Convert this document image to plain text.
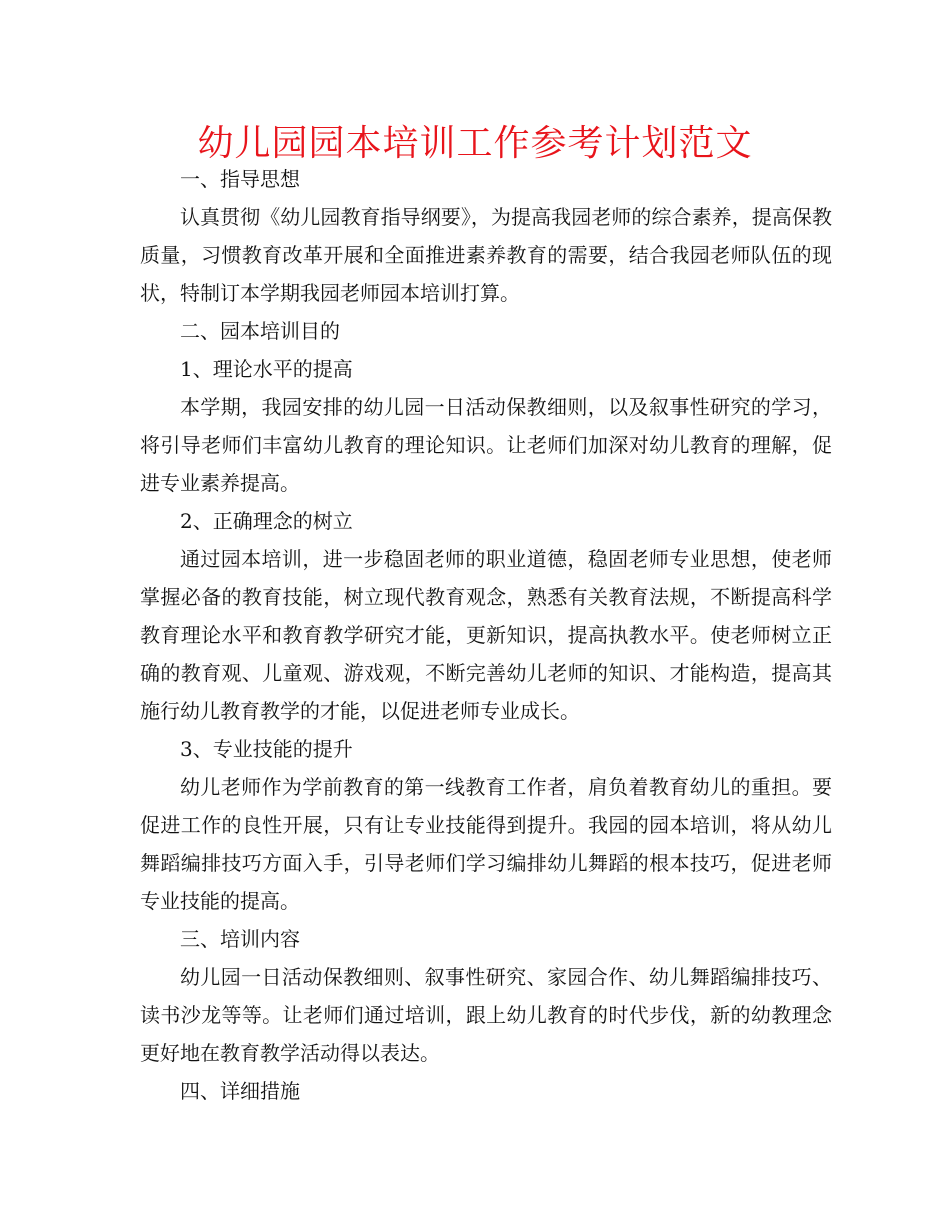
幼儿园园本培训工作参考计划范文

一、指导思想

认真贯彻《幼儿园教育指导纲要》，为提高我园老师的综合素养，提高保教质量，习惯教育改革开展和全面推进素养教育的需要，结合我园老师队伍的现状，特制订本学期我园老师园本培训打算。

二、园本培训目的

1、理论水平的提高

本学期，我园安排的幼儿园一日活动保教细则，以及叙事性研究的学习，将引导老师们丰富幼儿教育的理论知识。让老师们加深对幼儿教育的理解，促进专业素养提高。

2、正确理念的树立

通过园本培训，进一步稳固老师的职业道德，稳固老师专业思想，使老师掌握必备的教育技能，树立现代教育观念，熟悉有关教育法规，不断提高科学教育理论水平和教育教学研究才能，更新知识，提高执教水平。使老师树立正确的教育观、儿童观、游戏观，不断完善幼儿老师的知识、才能构造，提高其施行幼儿教育教学的才能，以促进老师专业成长。

3、专业技能的提升

幼儿老师作为学前教育的第一线教育工作者，肩负着教育幼儿的重担。要促进工作的良性开展，只有让专业技能得到提升。我园的园本培训，将从幼儿舞蹈编排技巧方面入手，引导老师们学习编排幼儿舞蹈的根本技巧，促进老师专业技能的提高。

三、培训内容

幼儿园一日活动保教细则、叙事性研究、家园合作、幼儿舞蹈编排技巧、读书沙龙等等。让老师们通过培训，跟上幼儿教育的时代步伐，新的幼教理念更好地在教育教学活动得以表达。

四、详细措施
